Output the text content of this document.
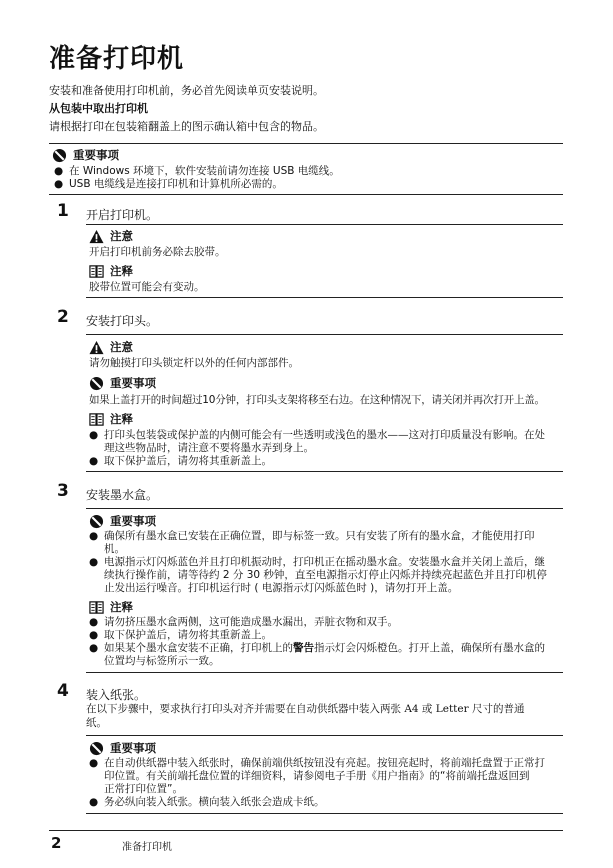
准备打印机
安装和准备使用打印机前，务必首先阅读单页安装说明。
从包装中取出打印机
请根据打印在包装箱翻盖上的图示确认箱中包含的物品。
重要事项
● 在 Windows 环境下，软件安装前请勿连接 USB 电缆线。
● USB 电缆线是连接打印机和计算机所必需的。
1 开启打印机。
注意
开启打印机前务必除去胶带。
注释
胶带位置可能会有变动。
2 安装打印头。
注意
请勿触摸打印头锁定杆以外的任何内部部件。
重要事项
如果上盖打开的时间超过10分钟，打印头支架将移至右边。在这种情况下，请关闭并再次打开上盖。
注释
● 打印头包装袋或保护盖的内侧可能会有一些透明或浅色的墨水——这对打印质量没有影响。在处
理这些物品时，请注意不要将墨水弄到身上。
● 取下保护盖后，请勿将其重新盖上。
3 安装墨水盒。
重要事项
● 确保所有墨水盒已安装在正确位置，即与标签一致。只有安装了所有的墨水盒，才能使用打印
机。
● 电源指示灯闪烁蓝色并且打印机振动时，打印机正在摇动墨水盒。安装墨水盒并关闭上盖后，继
续执行操作前，请等待约 2 分 30 秒钟，直至电源指示灯停止闪烁并持续亮起蓝色并且打印机停
止发出运行噪音。打印机运行时 ( 电源指示灯闪烁蓝色时 )，请勿打开上盖。
注释
● 请勿挤压墨水盒两侧，这可能造成墨水漏出，弄脏衣物和双手。
● 取下保护盖后，请勿将其重新盖上。
● 如果某个墨水盒安装不正确，打印机上的警告指示灯会闪烁橙色。打开上盖，确保所有墨水盒的
位置均与标签所示一致。
4 装入纸张。
在以下步骤中，要求执行打印头对齐并需要在自动供纸器中装入两张 A4 或 Letter 尺寸的普通
纸。
重要事项
● 在自动供纸器中装入纸张时，确保前端供纸按钮没有亮起。按钮亮起时，将前端托盘置于正常打
印位置。有关前端托盘位置的详细资料，请参阅电子手册《用户指南》的“将前端托盘返回到
正常打印位置”。
● 务必纵向装入纸张。横向装入纸张会造成卡纸。
2	准备打印机
